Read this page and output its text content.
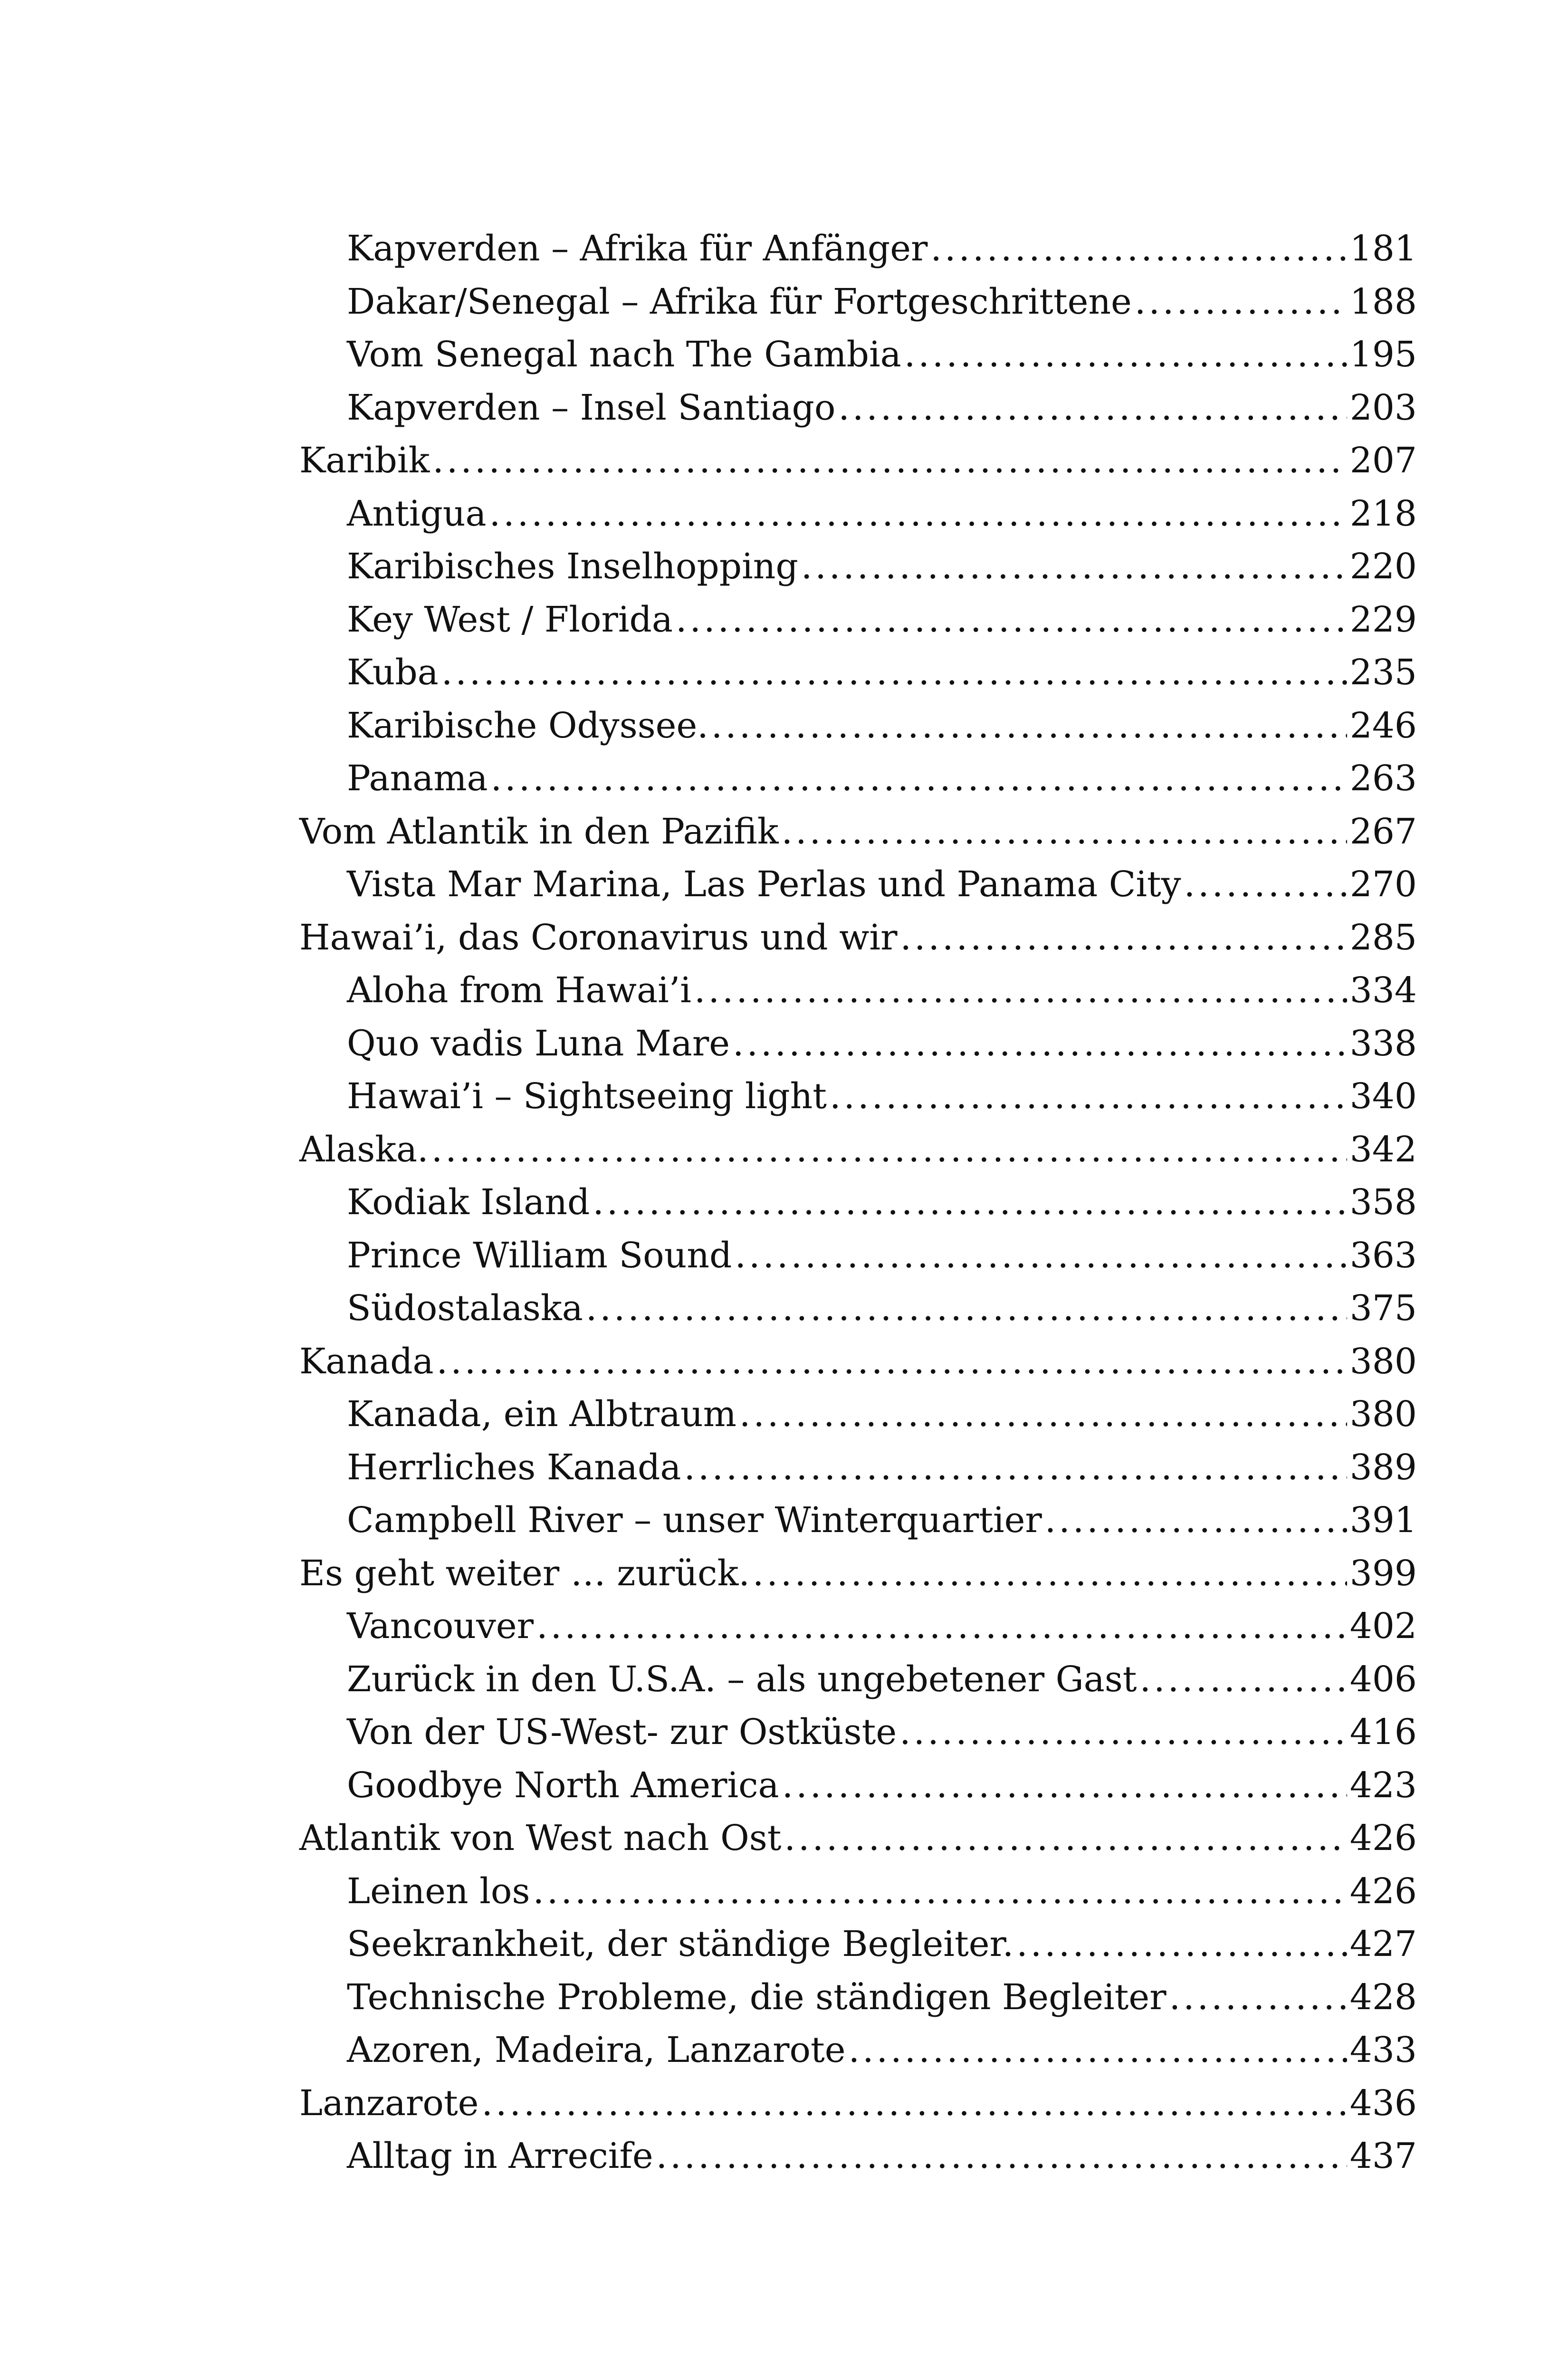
Kapverden – Afrika für Anfänger .....	181
Dakar/Senegal – Afrika für Fortgeschrittene .....	188
Vom Senegal nach The Gambia .....	195
Kapverden – Insel Santiago .....	203
Karibik .....	207
Antigua .....	218
Karibisches Inselhopping .....	220
Key West / Florida .....	229
Kuba .....	235
Karibische Odyssee. .....	246
Panama .....	263
Vom Atlantik in den Pazifik .....	267
Vista Mar Marina, Las Perlas und Panama City .....	270
Hawai’i, das Coronavirus und wir .....	285
Aloha from Hawai’i .....	334
Quo vadis Luna Mare .....	338
Hawai’i – Sightseeing light .....	340
Alaska. .....	342
Kodiak Island .....	358
Prince William Sound .....	363
Südostalaska .....	375
Kanada .....	380
Kanada, ein Albtraum .....	380
Herrliches Kanada .....	389
Campbell River – unser Winterquartier .....	391
Es geht weiter … zurück. .....	399
Vancouver .....	402
Zurück in den U.S.A. – als ungebetener Gast .....	406
Von der US-West- zur Ostküste .....	416
Goodbye North America .....	423
Atlantik von West nach Ost .....	426
Leinen los .....	426
Seekrankheit, der ständige Begleiter. .....	427
Technische Probleme, die ständigen Begleiter .....	428
Azoren, Madeira, Lanzarote .....	433
Lanzarote .....	436
Alltag in Arrecife .....	437
